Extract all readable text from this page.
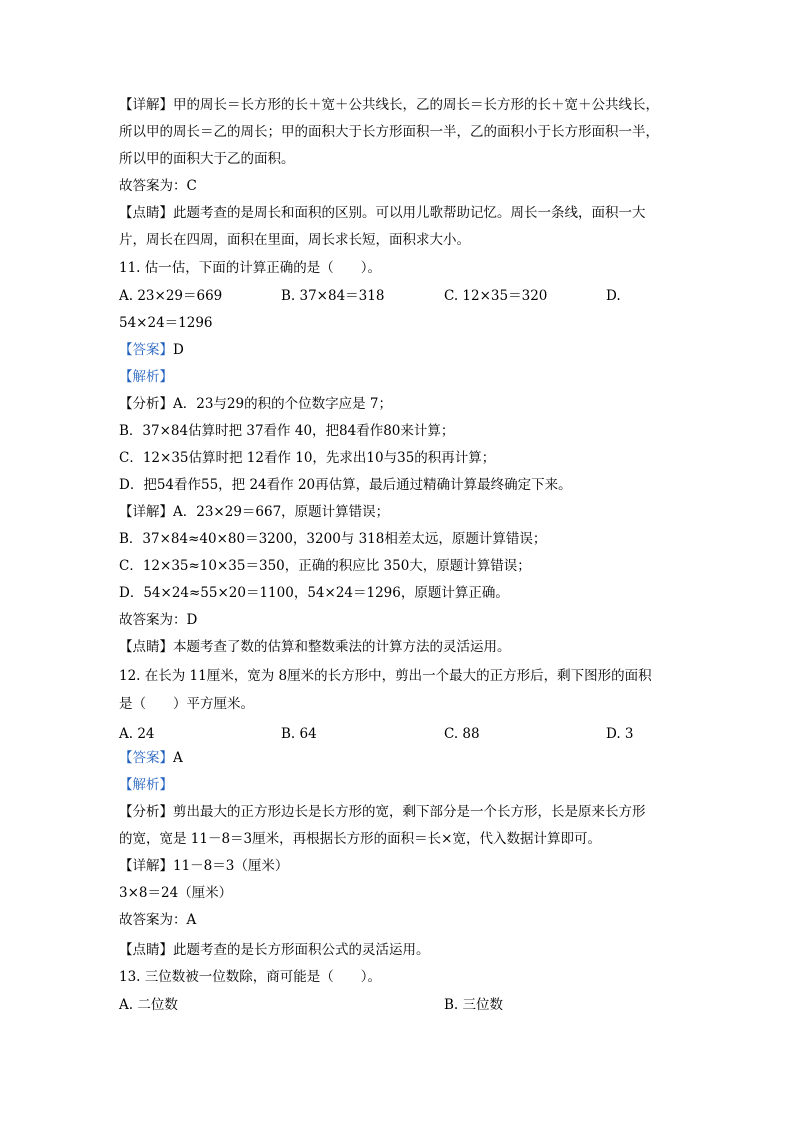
【详解】甲的周长＝长方形的长＋宽＋公共线长，乙的周长＝长方形的长＋宽＋公共线长，
所以甲的周长＝乙的周长；甲的面积大于长方形面积一半，乙的面积小于长方形面积一半，
所以甲的面积大于乙的面积。
故答案为：C
【点睛】此题考查的是周长和面积的区别。可以用儿歌帮助记忆。周长一条线，面积一大
片，周长在四周，面积在里面，周长求长短，面积求大小。
11. 估一估，下面的计算正确的是（　　）。
A. 23×29＝669	B. 37×84＝318	C. 12×35＝320	D.
54×24＝1296
【答案】D
【解析】
【分析】A．23与29的积的个位数字应是 7；
B．37×84估算时把 37看作 40，把84看作80来计算；
C．12×35估算时把 12看作 10，先求出10与35的积再计算；
D．把54看作55，把 24看作 20再估算，最后通过精确计算最终确定下来。
【详解】A．23×29＝667，原题计算错误；
B．37×84≈40×80＝3200，3200与 318相差太远，原题计算错误；
C．12×35≈10×35＝350，正确的积应比 350大，原题计算错误；
D．54×24≈55×20＝1100，54×24＝1296，原题计算正确。
故答案为：D
【点睛】本题考查了数的估算和整数乘法的计算方法的灵活运用。
12. 在长为 11厘米，宽为 8厘米的长方形中，剪出一个最大的正方形后，剩下图形的面积
是（　　）平方厘米。
A. 24	B. 64	C. 88	D. 3
【答案】A
【解析】
【分析】剪出最大的正方形边长是长方形的宽，剩下部分是一个长方形，长是原来长方形
的宽，宽是 11－8＝3厘米，再根据长方形的面积＝长×宽，代入数据计算即可。
【详解】11－8＝3（厘米）
3×8＝24（厘米）
故答案为：A
【点睛】此题考查的是长方形面积公式的灵活运用。
13. 三位数被一位数除，商可能是（　　）。
A. 二位数	B. 三位数
